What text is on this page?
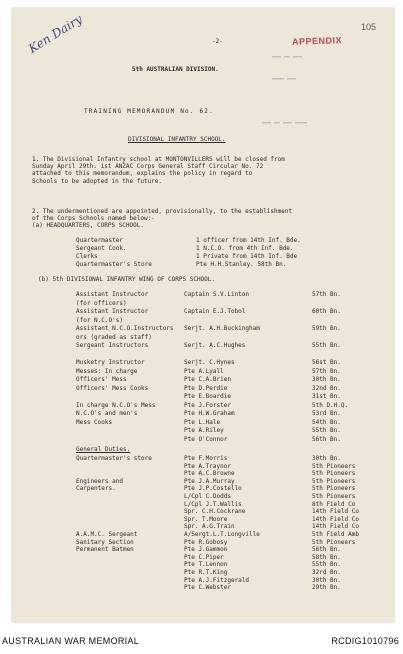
105
APPENDIX
-2-
Ken Dairy
▬▬▬ ▬▬ ▬▬▬
▬▬▬▬ ▬▬▬
▬▬▬ ▬▬ ▬▬▬ ▬▬▬▬
5th AUSTRALIAN DIVISION.
TRAINING MEMORANDUM No. 62.
DIVISIONAL INFANTRY SCHOOL.
1. The Divisional Infantry school at MONTONVILLERS will be closed from
Sunday April 29th. 1st ANZAC Corps General Staff Circular No. 72
attached to this memorandum, explains the policy in regard to
Schools to be adopted in the future.
2. The undermentioned are appointed, provisionally, to the establishment
of the Corps Schools named below:-
(a) HEADQUARTERS, CORPS SCHOOL.
Quartermaster	1 officer from 14th Inf. Bde.
Sergeant Cook.	1 N.C.O. from 4th Inf. Bde.
Clerks	1 Private from 14th Inf. Bde
Quartermaster's Store	Pte H.H.Stanley. 58th Bn.
(b) 5th DIVISIONAL INFANTRY WING OF CORPS SCHOOL.
Assistant Instructor	Captain S.V.Linton	57th Bn.
(for officers)
Assistant Instructor	Captain E.J.Tobol	60th Bn.
(for N.C.O's)
Assistant N.C.O.Instructors Serjt. A.H.Buckingham	59th Bn.
ors (graded as staff)
Sergeant Instructors	Serjt. A.C.Hughes	55th Bn.
Musketry Instructor	Serjt. C.Hynes	56st Bn.
Messes: In charge	Pte A.Lyall	57th Bn.
Officers' Mess	Pte C.A.Brien	30th Bn.
Officers' Mess Cooks	Pte D.Perdie	32nd Bn.
Pte E.Boardie	31st Bn.
In charge N.C.O's Mess	Pte J.Forster	5th D.H.Q.
N.C.O's and men's	Pte H.W.Graham	53rd Bn.
Mess Cooks	Pte L.Hale	54th Bn.
Pte A.Riley	55th Bn.
Pte O'Connor	56th Bn.
General Duties.
Quartermaster's store	Pte F.Morris	30th Bn.
Pte A.Traynor	5th Pioneers
Pte A.C.Browne	5th Pioneers
Engineers and	Pte J.A.Murray	5th Pioneers
Carpenters.	Pte J.P.Costello	5th Pioneers
L/Cpl C.Dodds	5th Pioneers
L/Cpl J.T.Wallis	8th Field Co
Spr. C.H.Cockrane	14th Field Co
Spr. T.Moore	14th Field Co
Spr. A.G.Train	14th Field Co
A.A.M.C. Sergeant	A/Sergt.L.T.Longville	5th Field Amb
Sanitary Section	Pte R.Gobosy	5th Pioneers
Permanent Batmen	Pte J.Gammon	56th Bn.
Pte C.Piper	58th Bn.
Pte T.Lennon	55th Bn.
Pte R.T.King	32rd Bn.
Pte A.J.Fitzgerald	30th Bn.
Pte C.Webster	29th Bn.
AUSTRALIAN WAR MEMORIAL	RCDIG1010796
